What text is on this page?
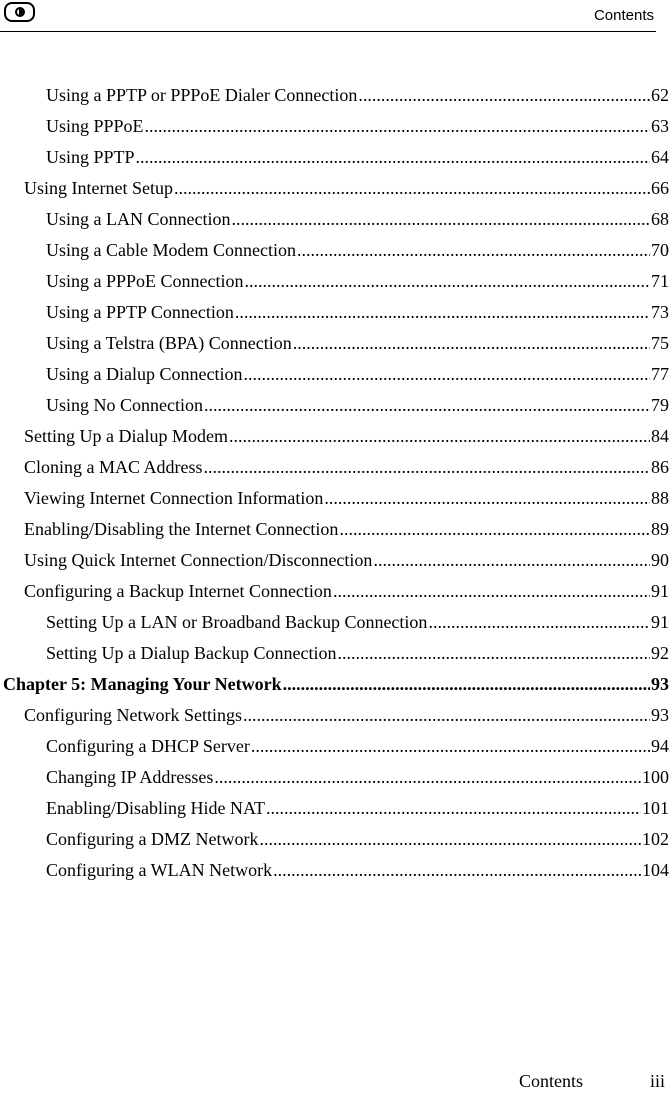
Contents
Using a PPTP or PPPoE Dialer Connection .....	62
Using PPPoE .....	63
Using PPTP .....	64
Using Internet Setup .....	66
Using a LAN Connection .....	68
Using a Cable Modem Connection .....	70
Using a PPPoE Connection .....	71
Using a PPTP Connection .....	73
Using a Telstra (BPA) Connection .....	75
Using a Dialup Connection .....	77
Using No Connection .....	79
Setting Up a Dialup Modem .....	84
Cloning a MAC Address .....	86
Viewing Internet Connection Information .....	88
Enabling/Disabling the Internet Connection .....	89
Using Quick Internet Connection/Disconnection .....	90
Configuring a Backup Internet Connection .....	91
Setting Up a LAN or Broadband Backup Connection .....	91
Setting Up a Dialup Backup Connection .....	92
Chapter 5: Managing Your Network .....	93
Configuring Network Settings .....	93
Configuring a DHCP Server .....	94
Changing IP Addresses .....	100
Enabling/Disabling Hide NAT .....	101
Configuring a DMZ Network .....	102
Configuring a WLAN Network .....	104
Contents	iii
